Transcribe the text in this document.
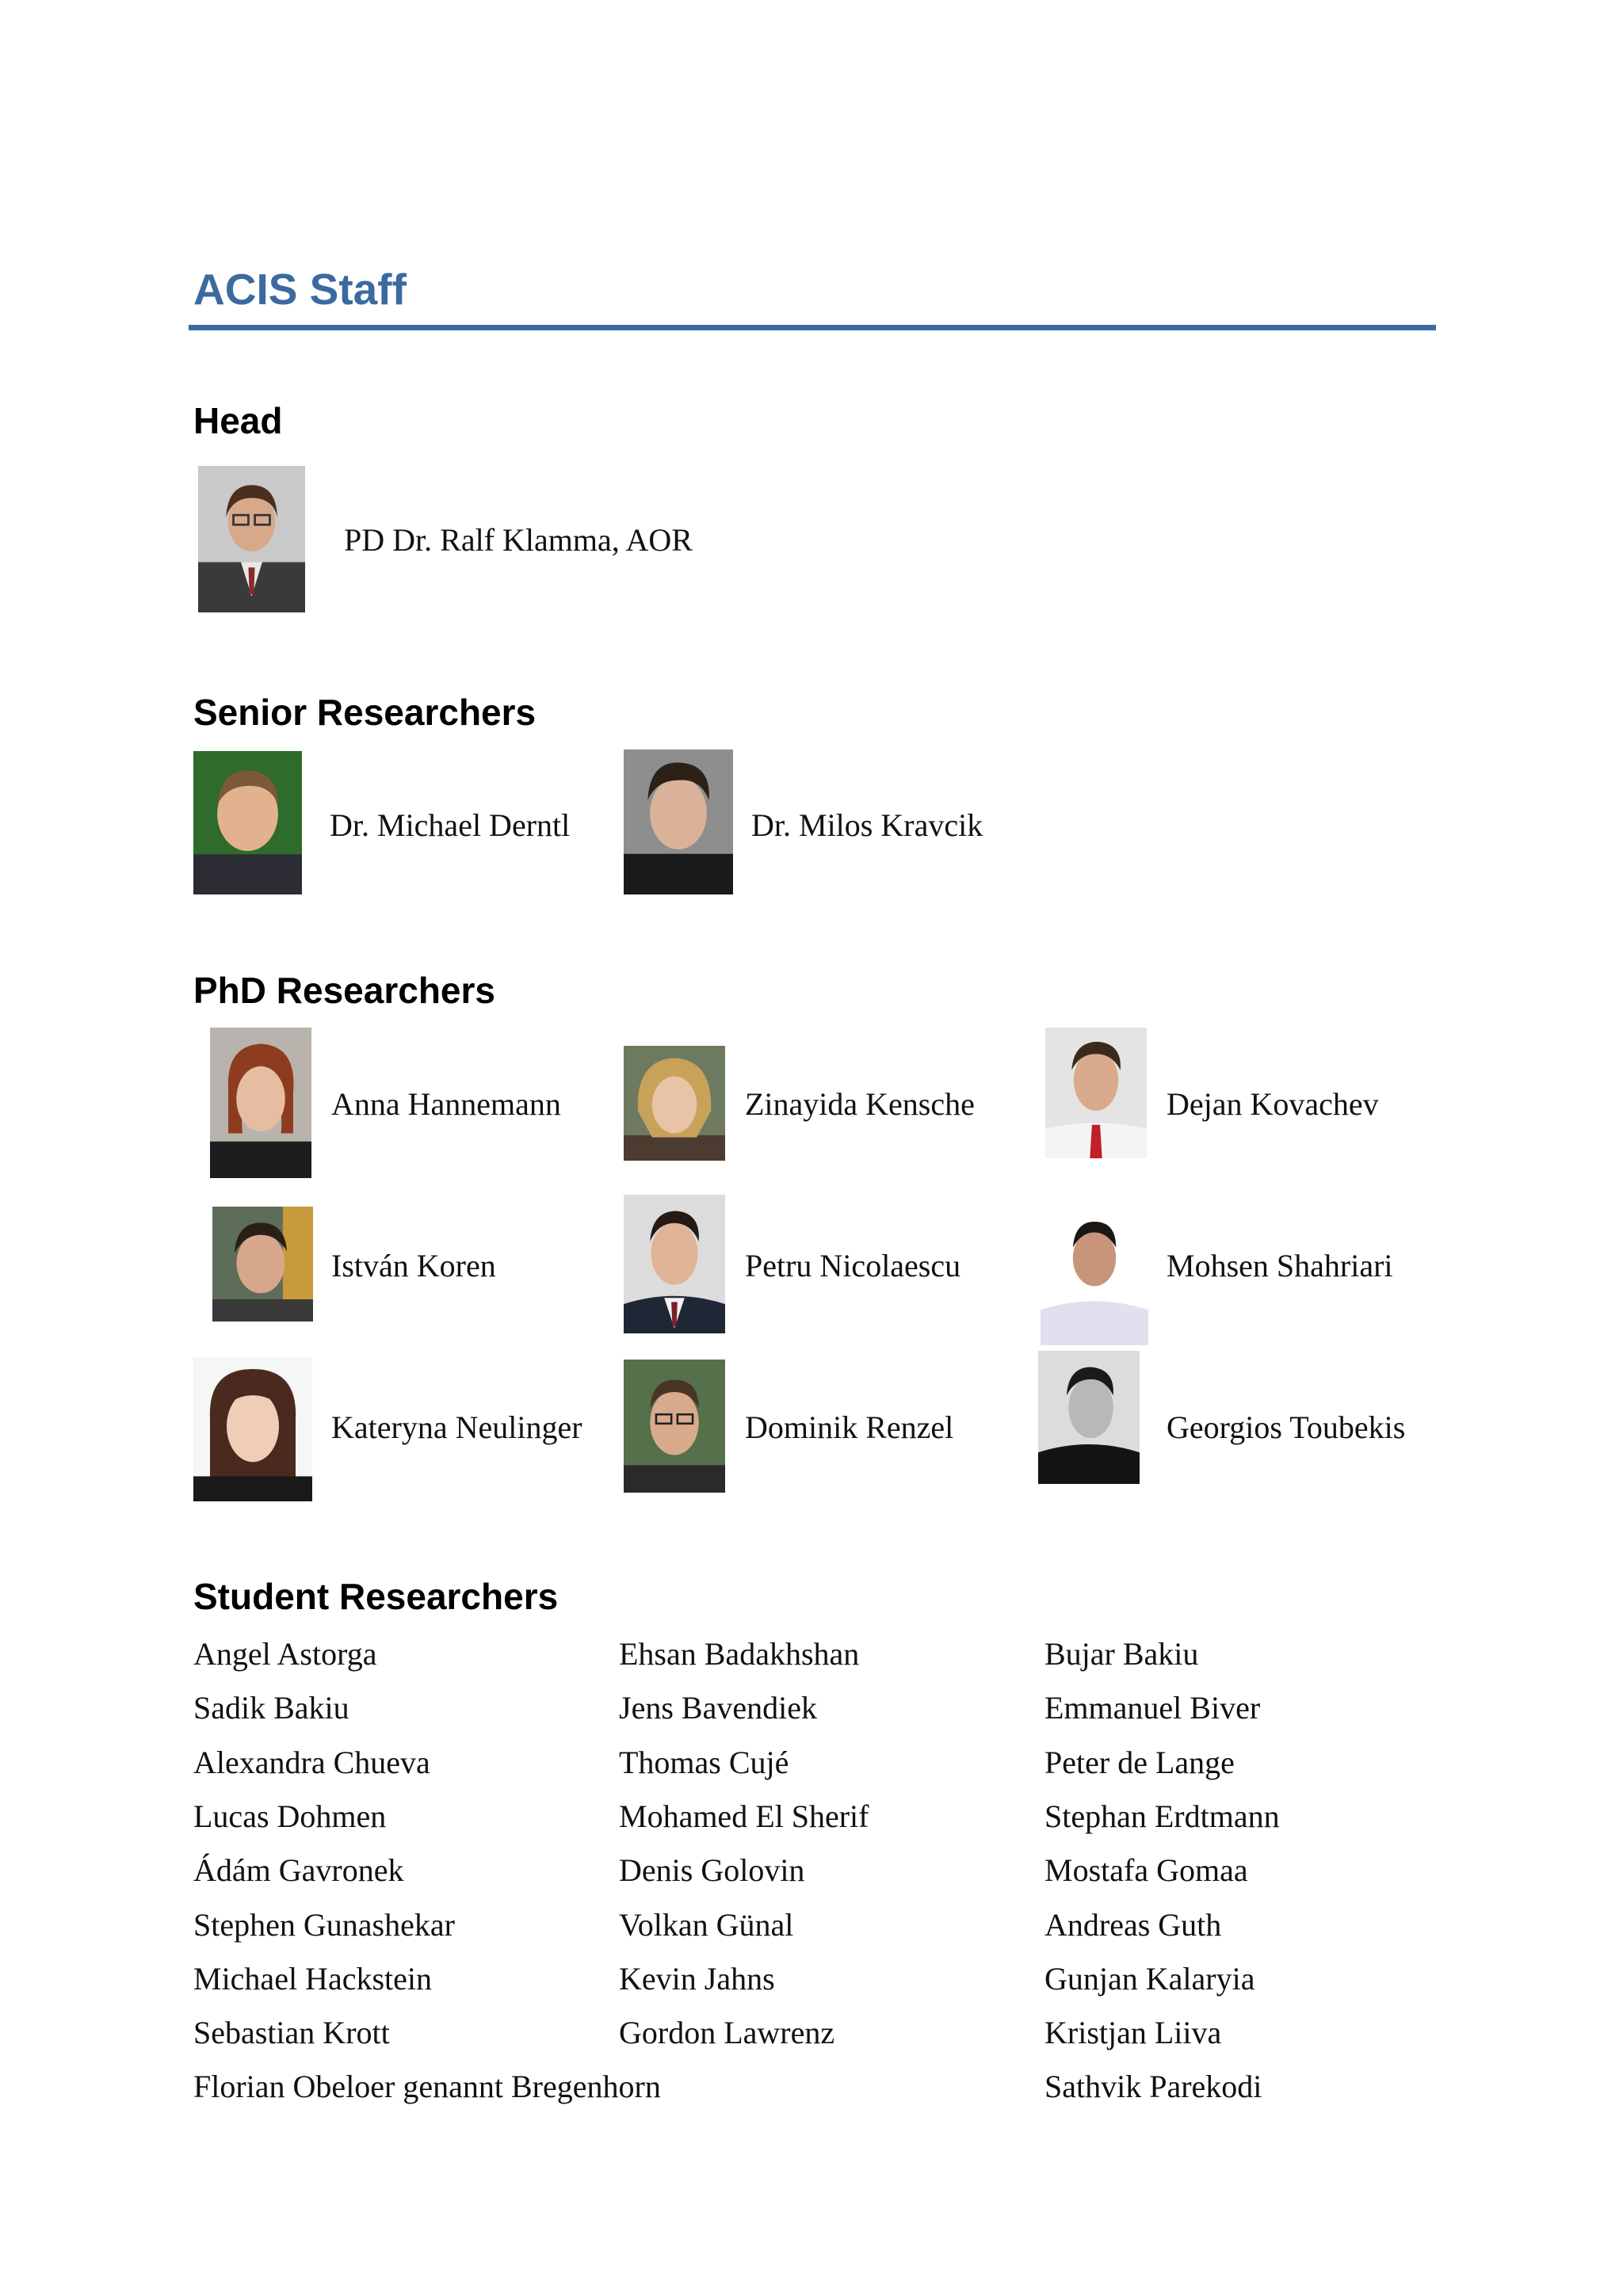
ACIS Staff
Head
PD Dr. Ralf Klamma, AOR
Senior Researchers
Dr. Michael Derntl	Dr. Milos Kravcik
PhD Researchers
Anna Hannemann	Zinayida Kensche	Dejan Kovachev
István Koren	Petru Nicolaescu	Mohsen Shahriari
Kateryna Neulinger	Dominik Renzel	Georgios Toubekis
Student Researchers
Angel Astorga	Ehsan Badakhshan	Bujar Bakiu
Sadik Bakiu	Jens Bavendiek	Emmanuel Biver
Alexandra Chueva	Thomas Cujé	Peter de Lange
Lucas Dohmen	Mohamed El Sherif	Stephan Erdtmann
Ádám Gavronek	Denis Golovin	Mostafa Gomaa
Stephen Gunashekar	Volkan Günal	Andreas Guth
Michael Hackstein	Kevin Jahns	Gunjan Kalaryia
Sebastian Krott	Gordon Lawrenz	Kristjan Liiva
Florian Obeloer genannt Bregenhorn	Sathvik Parekodi
